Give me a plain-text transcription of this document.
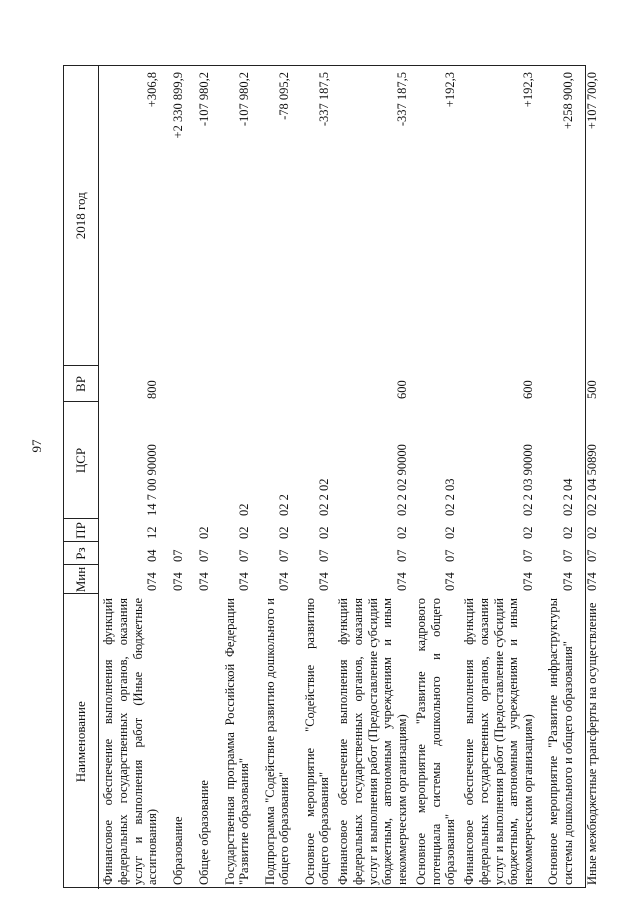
97
Наименование	Мин	Рз	ПР	ЦСР	ВР	2018 год
Финансовое обеспечение выполнения функций федеральных государственных органов, оказания услуг и выполнения работ (Иные бюджетные ассигнования)	074	04	12	14 7 00 90000	800	+306,8
Образование	074	07				+2 330 899,9
Общее образование	074	07	02			-107 980,2
Государственная программа Российской Федерации "Развитие образования"	074	07	02	02		-107 980,2
Подпрограмма "Содействие развитию дошкольного и общего образования"	074	07	02	02 2		-78 095,2
Основное мероприятие "Содействие развитию общего образования"	074	07	02	02 2 02		-337 187,5
Финансовое обеспечение выполнения функций федеральных государственных органов, оказания услуг и выполнения работ (Предоставление субсидий бюджетным, автономным учреждениям и иным некоммерческим организациям)	074	07	02	02 2 02 90000	600	-337 187,5
Основное мероприятие "Развитие кадрового потенциала системы дошкольного и общего образования"	074	07	02	02 2 03		+192,3
Финансовое обеспечение выполнения функций федеральных государственных органов, оказания услуг и выполнения работ (Предоставление субсидий бюджетным, автономным учреждениям и иным некоммерческим организациям)	074	07	02	02 2 03 90000	600	+192,3
Основное мероприятие "Развитие инфраструктуры системы дошкольного и общего образования"	074	07	02	02 2 04		+258 900,0
Иные межбюджетные трансферты на осуществление	074	07	02	02 2 04 50890	500	+107 700,0
